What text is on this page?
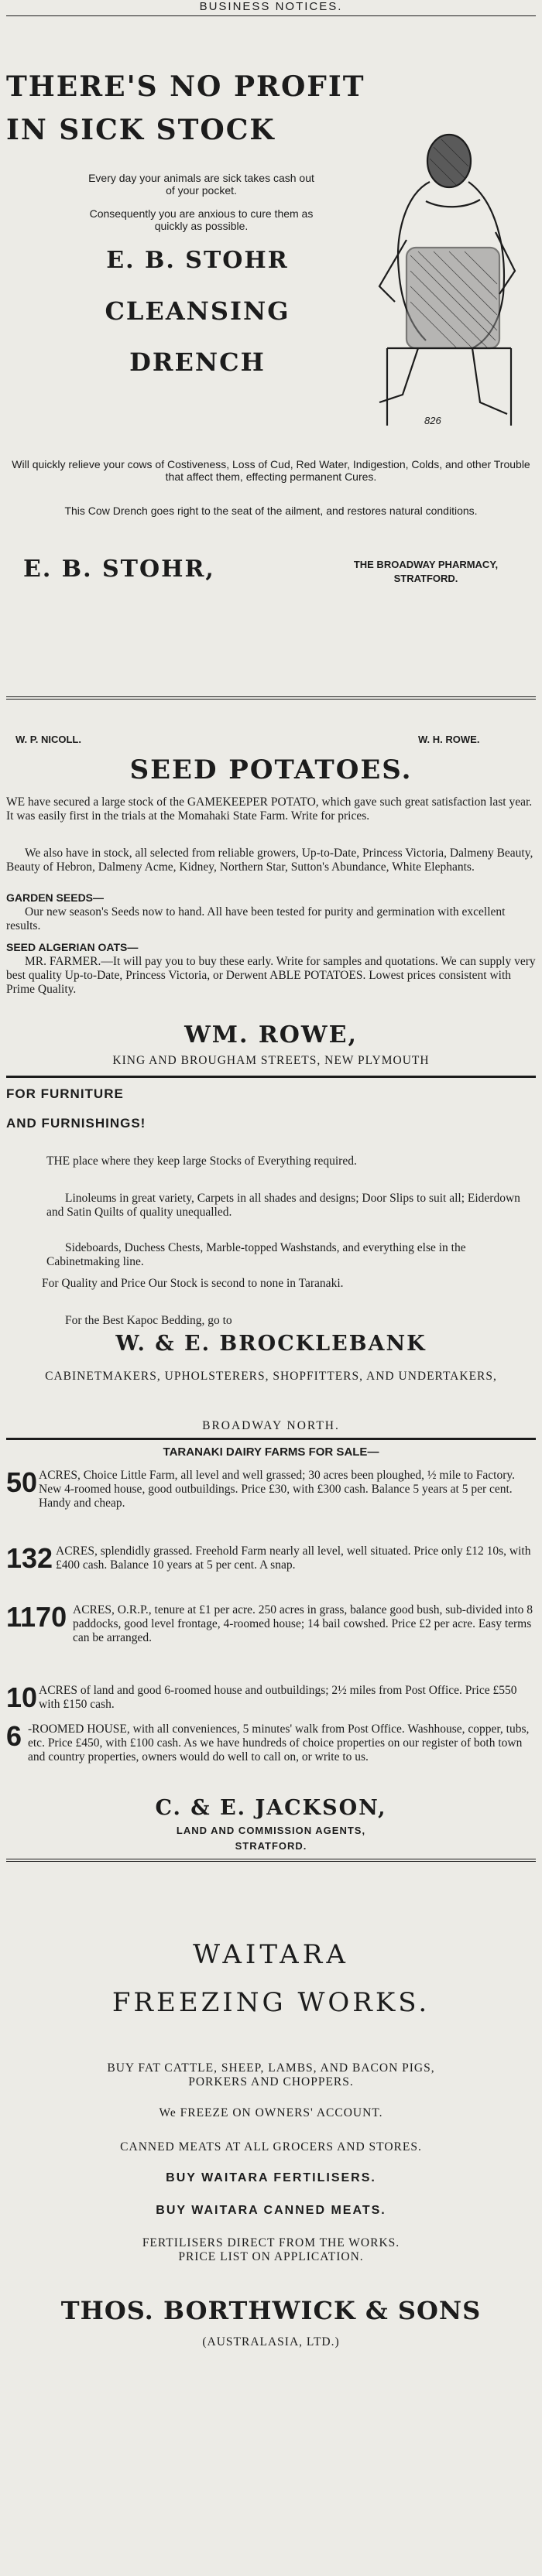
BUSINESS NOTICES.
THERE'S NO PROFIT
IN SICK STOCK
Every day your animals are sick takes cash out of your pocket.
Consequently you are anxious to cure them as quickly as possible.
E. B. STOHR
CLEANSING
DRENCH
826
Will quickly relieve your cows of Costiveness, Loss of Cud, Red Water, Indigestion, Colds, and other Trouble that affect them, effecting permanent Cures.
This Cow Drench goes right to the seat of the ailment, and restores natural conditions.
E. B. STOHR,	THE BROADWAY PHARMACY,
STRATFORD.
W. P. NICOLL.	W. H. ROWE.
SEED POTATOES.
WE have secured a large stock of the GAMEKEEPER POTATO, which gave such great satisfaction last year. It was easily first in the trials at the Momahaki State Farm. Write for prices.
We also have in stock, all selected from reliable growers, Up-to-Date, Princess Victoria, Dalmeny Beauty, Beauty of Hebron, Dalmeny Acme, Kidney, Northern Star, Sutton's Abundance, White Elephants.
GARDEN SEEDS—
Our new season's Seeds now to hand. All have been tested for purity and germination with excellent results.
SEED ALGERIAN OATS—
MR. FARMER.—It will pay you to buy these early. Write for samples and quotations. We can supply very best quality Up-to-Date, Princess Victoria, or Derwent ABLE POTATOES. Lowest prices consistent with Prime Quality.
WM. ROWE,
KING AND BROUGHAM STREETS, NEW PLYMOUTH
FOR FURNITURE
AND FURNISHINGS!
THE place where they keep large Stocks of Everything required.
Linoleums in great variety, Carpets in all shades and designs; Door Slips to suit all; Eiderdown and Satin Quilts of quality unequalled.
Sideboards, Duchess Chests, Marble-topped Washstands, and everything else in the Cabinetmaking line.
For Quality and Price Our Stock is second to none in Taranaki.
For the Best Kapoc Bedding, go to
W. & E. BROCKLEBANK
CABINETMAKERS, UPHOLSTERERS, SHOPFITTERS, AND UNDERTAKERS,
BROADWAY NORTH.
TARANAKI DAIRY FARMS FOR SALE—
50 ACRES, Choice Little Farm, all level and well grassed; 30 acres been ploughed, ½ mile to Factory. New 4-roomed house, good outbuildings. Price £30, with £300 cash. Balance 5 years at 5 per cent. Handy and cheap.
132 ACRES, splendidly grassed. Freehold Farm nearly all level, well situated. Price only £12 10s, with £400 cash. Balance 10 years at 5 per cent. A snap.
1170 ACRES, O.R.P., tenure at £1 per acre. 250 acres in grass, balance good bush, sub-divided into 8 paddocks, good level frontage, 4-roomed house; 14 bail cowshed. Price £2 per acre. Easy terms can be arranged.
10 ACRES of land and good 6-roomed house and outbuildings; 2½ miles from Post Office. Price £550 with £150 cash.
6 -ROOMED HOUSE, with all conveniences, 5 minutes' walk from Post Office. Washhouse, copper, tubs, etc. Price £450, with £100 cash. As we have hundreds of choice properties on our register of both town and country properties, owners would do well to call on, or write to us.
C. & E. JACKSON,
LAND AND COMMISSION AGENTS,
STRATFORD.
WAITARA
FREEZING WORKS.
BUY FAT CATTLE, SHEEP, LAMBS, AND BACON PIGS, PORKERS AND CHOPPERS.
We FREEZE ON OWNERS' ACCOUNT.
CANNED MEATS AT ALL GROCERS AND STORES.
BUY WAITARA FERTILISERS.
BUY WAITARA CANNED MEATS.
FERTILISERS DIRECT FROM THE WORKS. PRICE LIST ON APPLICATION.
THOS. BORTHWICK & SONS
(AUSTRALASIA, LTD.)
